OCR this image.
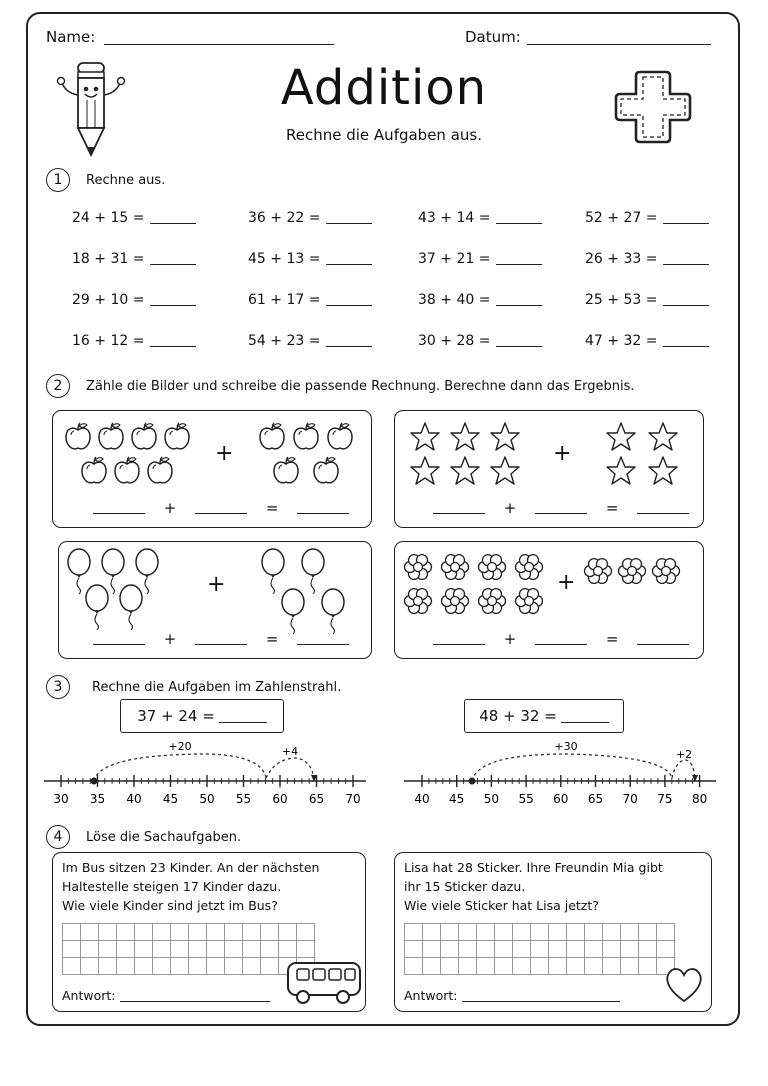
Name:	Datum:
Addition
Rechne die Aufgaben aus.
1	Rechne aus.
24 + 15 =	36 + 22 =	43 + 14 =	52 + 27 =
18 + 31 =	45 + 13 =	37 + 21 =	26 + 33 =
29 + 10 =	61 + 17 =	38 + 40 =	25 + 53 =
16 + 12 =	54 + 23 =	30 + 28 =	47 + 32 =
2	Zähle die Bilder und schreibe die passende Rechnung. Berechne dann das Ergebnis.
+
+	=
+
+	=
+
+	=
+
+	=
3	Rechne die Aufgaben im Zahlenstrahl.
37 + 24 =	48 + 32 =
30 35 40 45 50 55 60 65 70
+20	+4
40 45 50 55 60 65 70 75 80
+30
+2
4	Löse die Sachaufgaben.
Im Bus sitzen 23 Kinder. An der nächsten
Haltestelle steigen 17 Kinder dazu.
Wie viele Kinder sind jetzt im Bus?

Antwort:
Lisa hat 28 Sticker. Ihre Freundin Mia gibt
ihr 15 Sticker dazu.
Wie viele Sticker hat Lisa jetzt?

Antwort:
